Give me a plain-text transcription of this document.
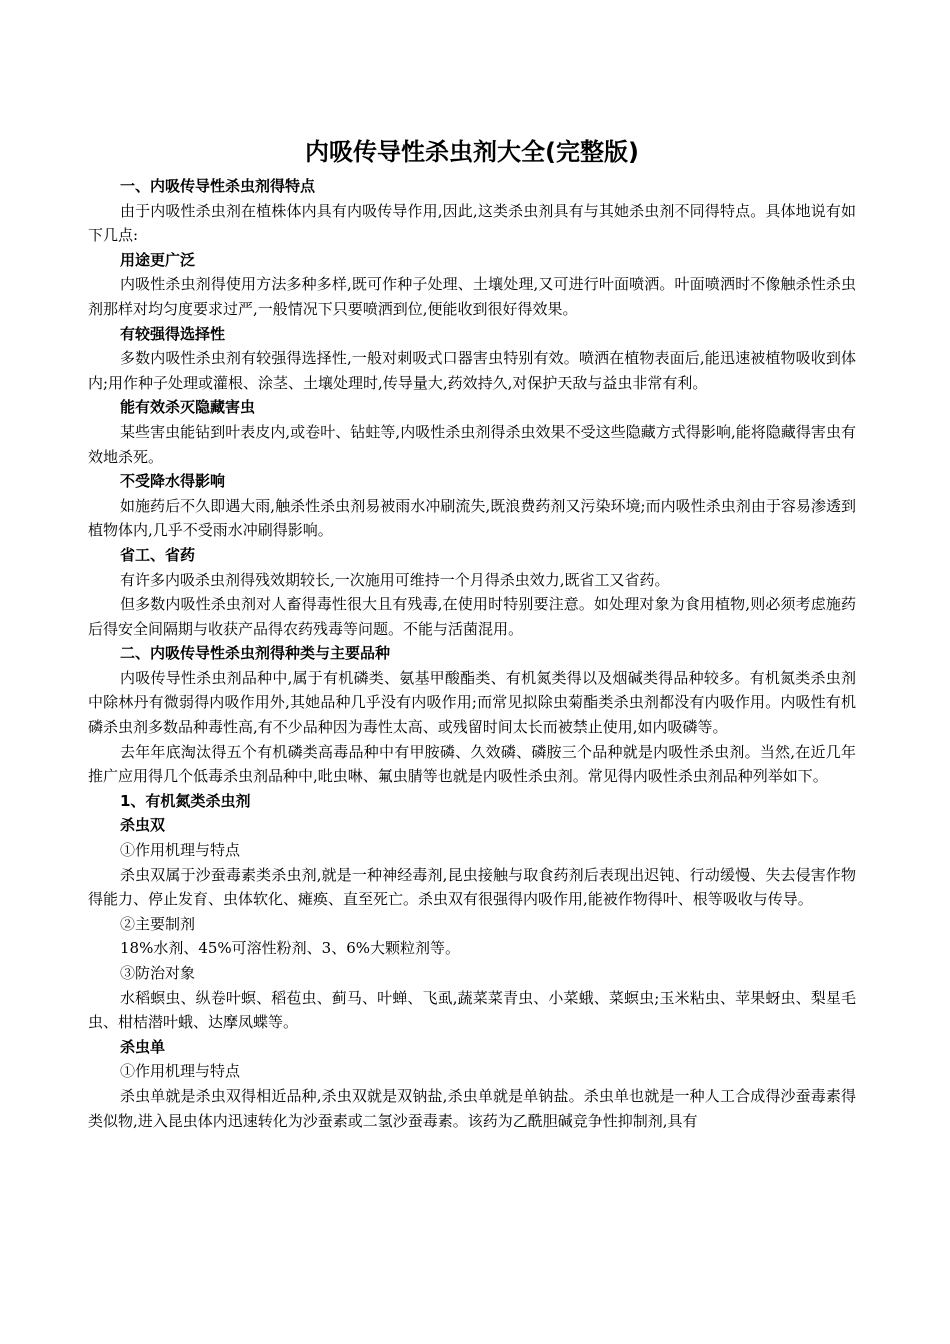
内吸传导性杀虫剂大全(完整版)
一、内吸传导性杀虫剂得特点
由于内吸性杀虫剂在植株体内具有内吸传导作用,因此,这类杀虫剂具有与其她杀虫剂不同得特点。具体地说有如下几点:
用途更广泛
内吸性杀虫剂得使用方法多种多样,既可作种子处理、土壤处理,又可进行叶面喷洒。叶面喷洒时不像触杀性杀虫剂那样对均匀度要求过严,一般情况下只要喷洒到位,便能收到很好得效果。
有较强得选择性
多数内吸性杀虫剂有较强得选择性,一般对刺吸式口器害虫特别有效。喷洒在植物表面后,能迅速被植物吸收到体内;用作种子处理或灌根、涂茎、土壤处理时,传导量大,药效持久,对保护天敌与益虫非常有利。
能有效杀灭隐藏害虫
某些害虫能钻到叶表皮内,或卷叶、钻蛀等,内吸性杀虫剂得杀虫效果不受这些隐藏方式得影响,能将隐藏得害虫有效地杀死。
不受降水得影响
如施药后不久即遇大雨,触杀性杀虫剂易被雨水冲刷流失,既浪费药剂又污染环境;而内吸性杀虫剂由于容易渗透到植物体内,几乎不受雨水冲刷得影响。
省工、省药
有许多内吸杀虫剂得残效期较长,一次施用可维持一个月得杀虫效力,既省工又省药。
但多数内吸性杀虫剂对人畜得毒性很大且有残毒,在使用时特别要注意。如处理对象为食用植物,则必须考虑施药后得安全间隔期与收获产品得农药残毒等问题。不能与活菌混用。
二、内吸传导性杀虫剂得种类与主要品种
内吸传导性杀虫剂品种中,属于有机磷类、氨基甲酸酯类、有机氮类得以及烟碱类得品种较多。有机氮类杀虫剂中除林丹有微弱得内吸作用外,其她品种几乎没有内吸作用;而常见拟除虫菊酯类杀虫剂都没有内吸作用。内吸性有机磷杀虫剂多数品种毒性高,有不少品种因为毒性太高、或残留时间太长而被禁止使用,如内吸磷等。
去年年底淘汰得五个有机磷类高毒品种中有甲胺磷、久效磷、磷胺三个品种就是内吸性杀虫剂。当然,在近几年推广应用得几个低毒杀虫剂品种中,吡虫啉、氟虫腈等也就是内吸性杀虫剂。常见得内吸性杀虫剂品种列举如下。
1、有机氮类杀虫剂
杀虫双
①作用机理与特点
杀虫双属于沙蚕毒素类杀虫剂,就是一种神经毒剂,昆虫接触与取食药剂后表现出迟钝、行动缓慢、失去侵害作物得能力、停止发育、虫体软化、瘫痪、直至死亡。杀虫双有很强得内吸作用,能被作物得叶、根等吸收与传导。
②主要制剂
18%水剂、45%可溶性粉剂、3、6%大颗粒剂等。
③防治对象
水稻螟虫、纵卷叶螟、稻苞虫、蓟马、叶蝉、飞虱,蔬菜菜青虫、小菜蛾、菜螟虫;玉米粘虫、苹果蚜虫、梨星毛虫、柑桔潜叶蛾、达摩凤蝶等。
杀虫单
①作用机理与特点
杀虫单就是杀虫双得相近品种,杀虫双就是双钠盐,杀虫单就是单钠盐。杀虫单也就是一种人工合成得沙蚕毒素得类似物,进入昆虫体内迅速转化为沙蚕素或二氢沙蚕毒素。该药为乙酰胆碱竞争性抑制剂,具有
